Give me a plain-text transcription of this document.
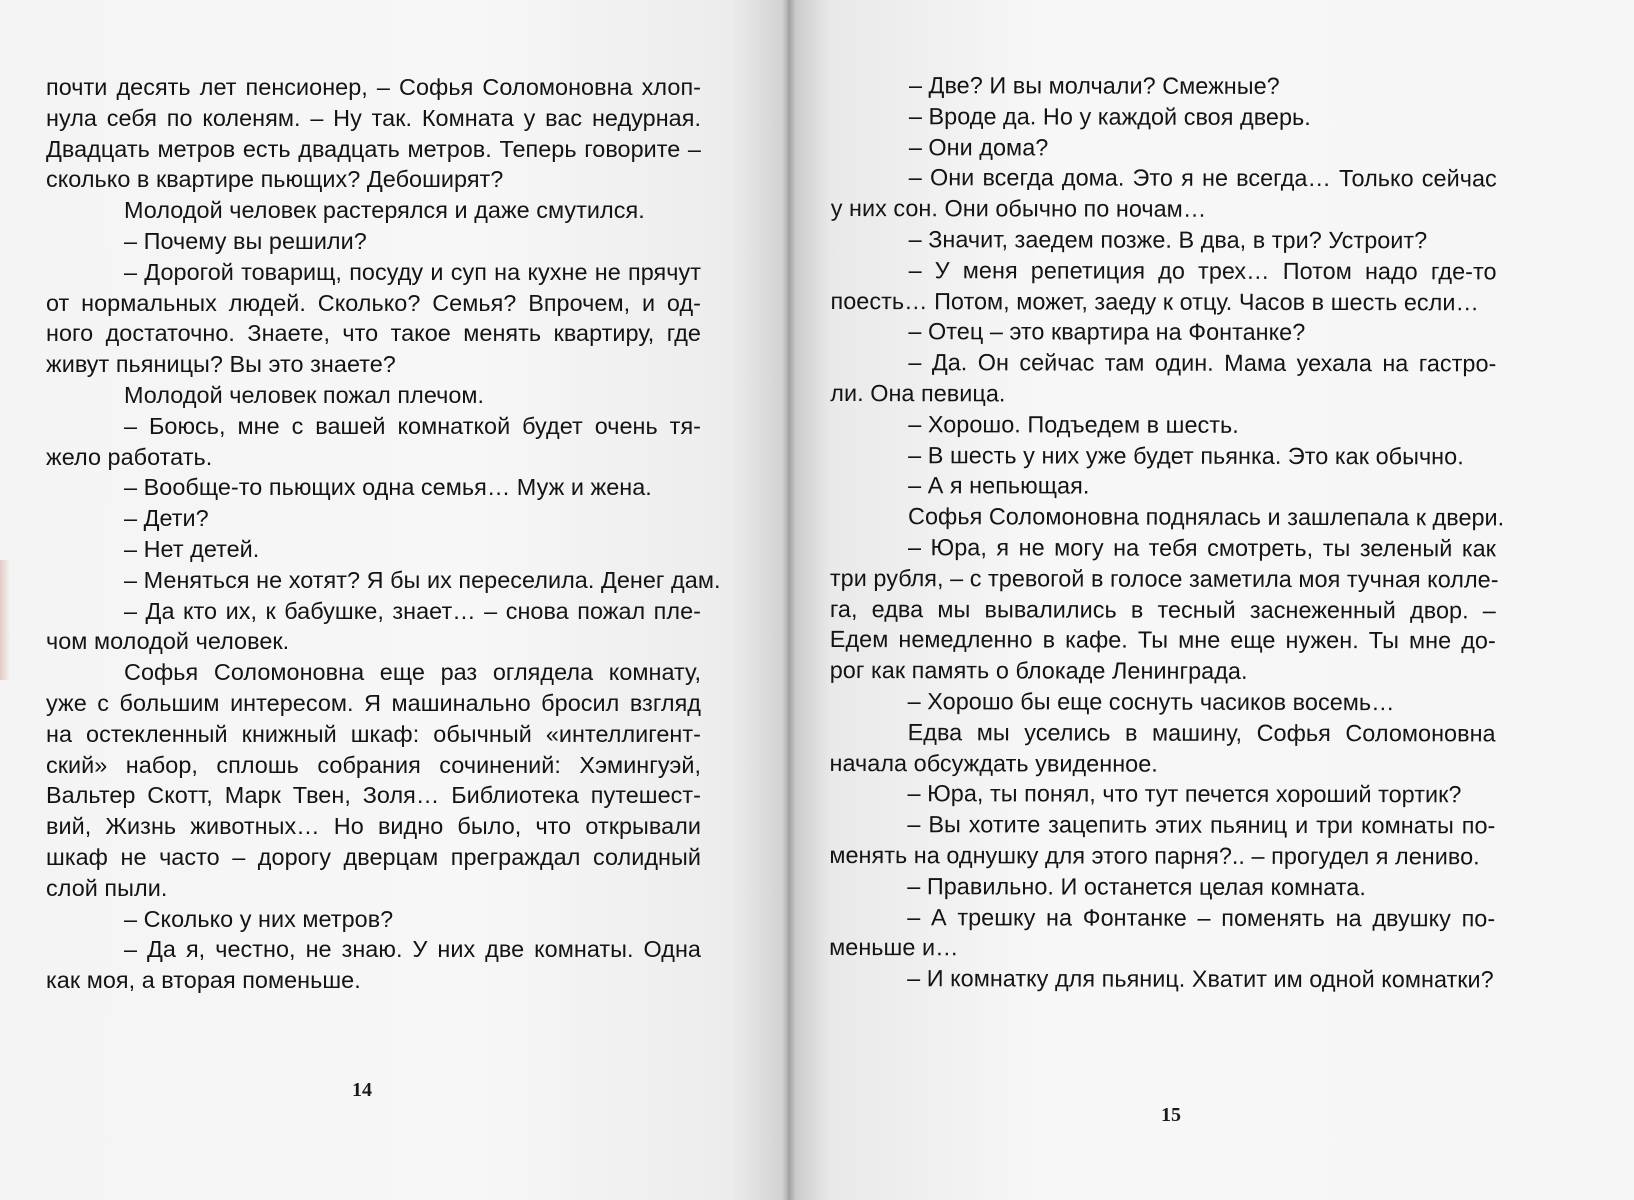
почти десять лет пенсионер, – Софья Соломоновна хлоп-
нула себя по коленям. – Ну так. Комната у вас недурная.
Двадцать метров есть двадцать метров. Теперь говорите –
сколько в квартире пьющих? Дебоширят?
Молодой человек растерялся и даже смутился.
– Почему вы решили?
– Дорогой товарищ, посуду и суп на кухне не прячут
от нормальных людей. Сколько? Семья? Впрочем, и од-
ного достаточно. Знаете, что такое менять квартиру, где
живут пьяницы? Вы это знаете?
Молодой человек пожал плечом.
– Боюсь, мне с вашей комнаткой будет очень тя-
жело работать.
– Вообще-то пьющих одна семья… Муж и жена.
– Дети?
– Нет детей.
– Меняться не хотят? Я бы их переселила. Денег дам.
– Да кто их, к бабушке, знает… – снова пожал пле-
чом молодой человек.
Софья Соломоновна еще раз оглядела комнату,
уже с большим интересом. Я машинально бросил взгляд
на остекленный книжный шкаф: обычный «интеллигент-
ский» набор, сплошь собрания сочинений: Хэмингуэй,
Вальтер Скотт, Марк Твен, Золя… Библиотека путешест-
вий, Жизнь животных… Но видно было, что открывали
шкаф не часто – дорогу дверцам преграждал солидный
слой пыли.
– Сколько у них метров?
– Да я, честно, не знаю. У них две комнаты. Одна
как моя, а вторая поменьше.
14
– Две? И вы молчали? Смежные?
– Вроде да. Но у каждой своя дверь.
– Они дома?
– Они всегда дома. Это я не всегда… Только сейчас
у них сон. Они обычно по ночам…
– Значит, заедем позже. В два, в три? Устроит?
– У меня репетиция до трех… Потом надо где-то
поесть… Потом, может, заеду к отцу. Часов в шесть если…
– Отец – это квартира на Фонтанке?
– Да. Он сейчас там один. Мама уехала на гастро-
ли. Она певица.
– Хорошо. Подъедем в шесть.
– В шесть у них уже будет пьянка. Это как обычно.
– А я непьющая.
Софья Соломоновна поднялась и зашлепала к двери.
– Юра, я не могу на тебя смотреть, ты зеленый как
три рубля, – с тревогой в голосе заметила моя тучная колле-
га, едва мы вывалились в тесный заснеженный двор. –
Едем немедленно в кафе. Ты мне еще нужен. Ты мне до-
рог как память о блокаде Ленинграда.
– Хорошо бы еще соснуть часиков восемь…
Едва мы уселись в машину, Софья Соломоновна
начала обсуждать увиденное.
– Юра, ты понял, что тут печется хороший тортик?
– Вы хотите зацепить этих пьяниц и три комнаты по-
менять на однушку для этого парня?.. – прогудел я лениво.
– Правильно. И останется целая комната.
– А трешку на Фонтанке – поменять на двушку по-
меньше и…
– И комнатку для пьяниц. Хватит им одной комнатки?
15
